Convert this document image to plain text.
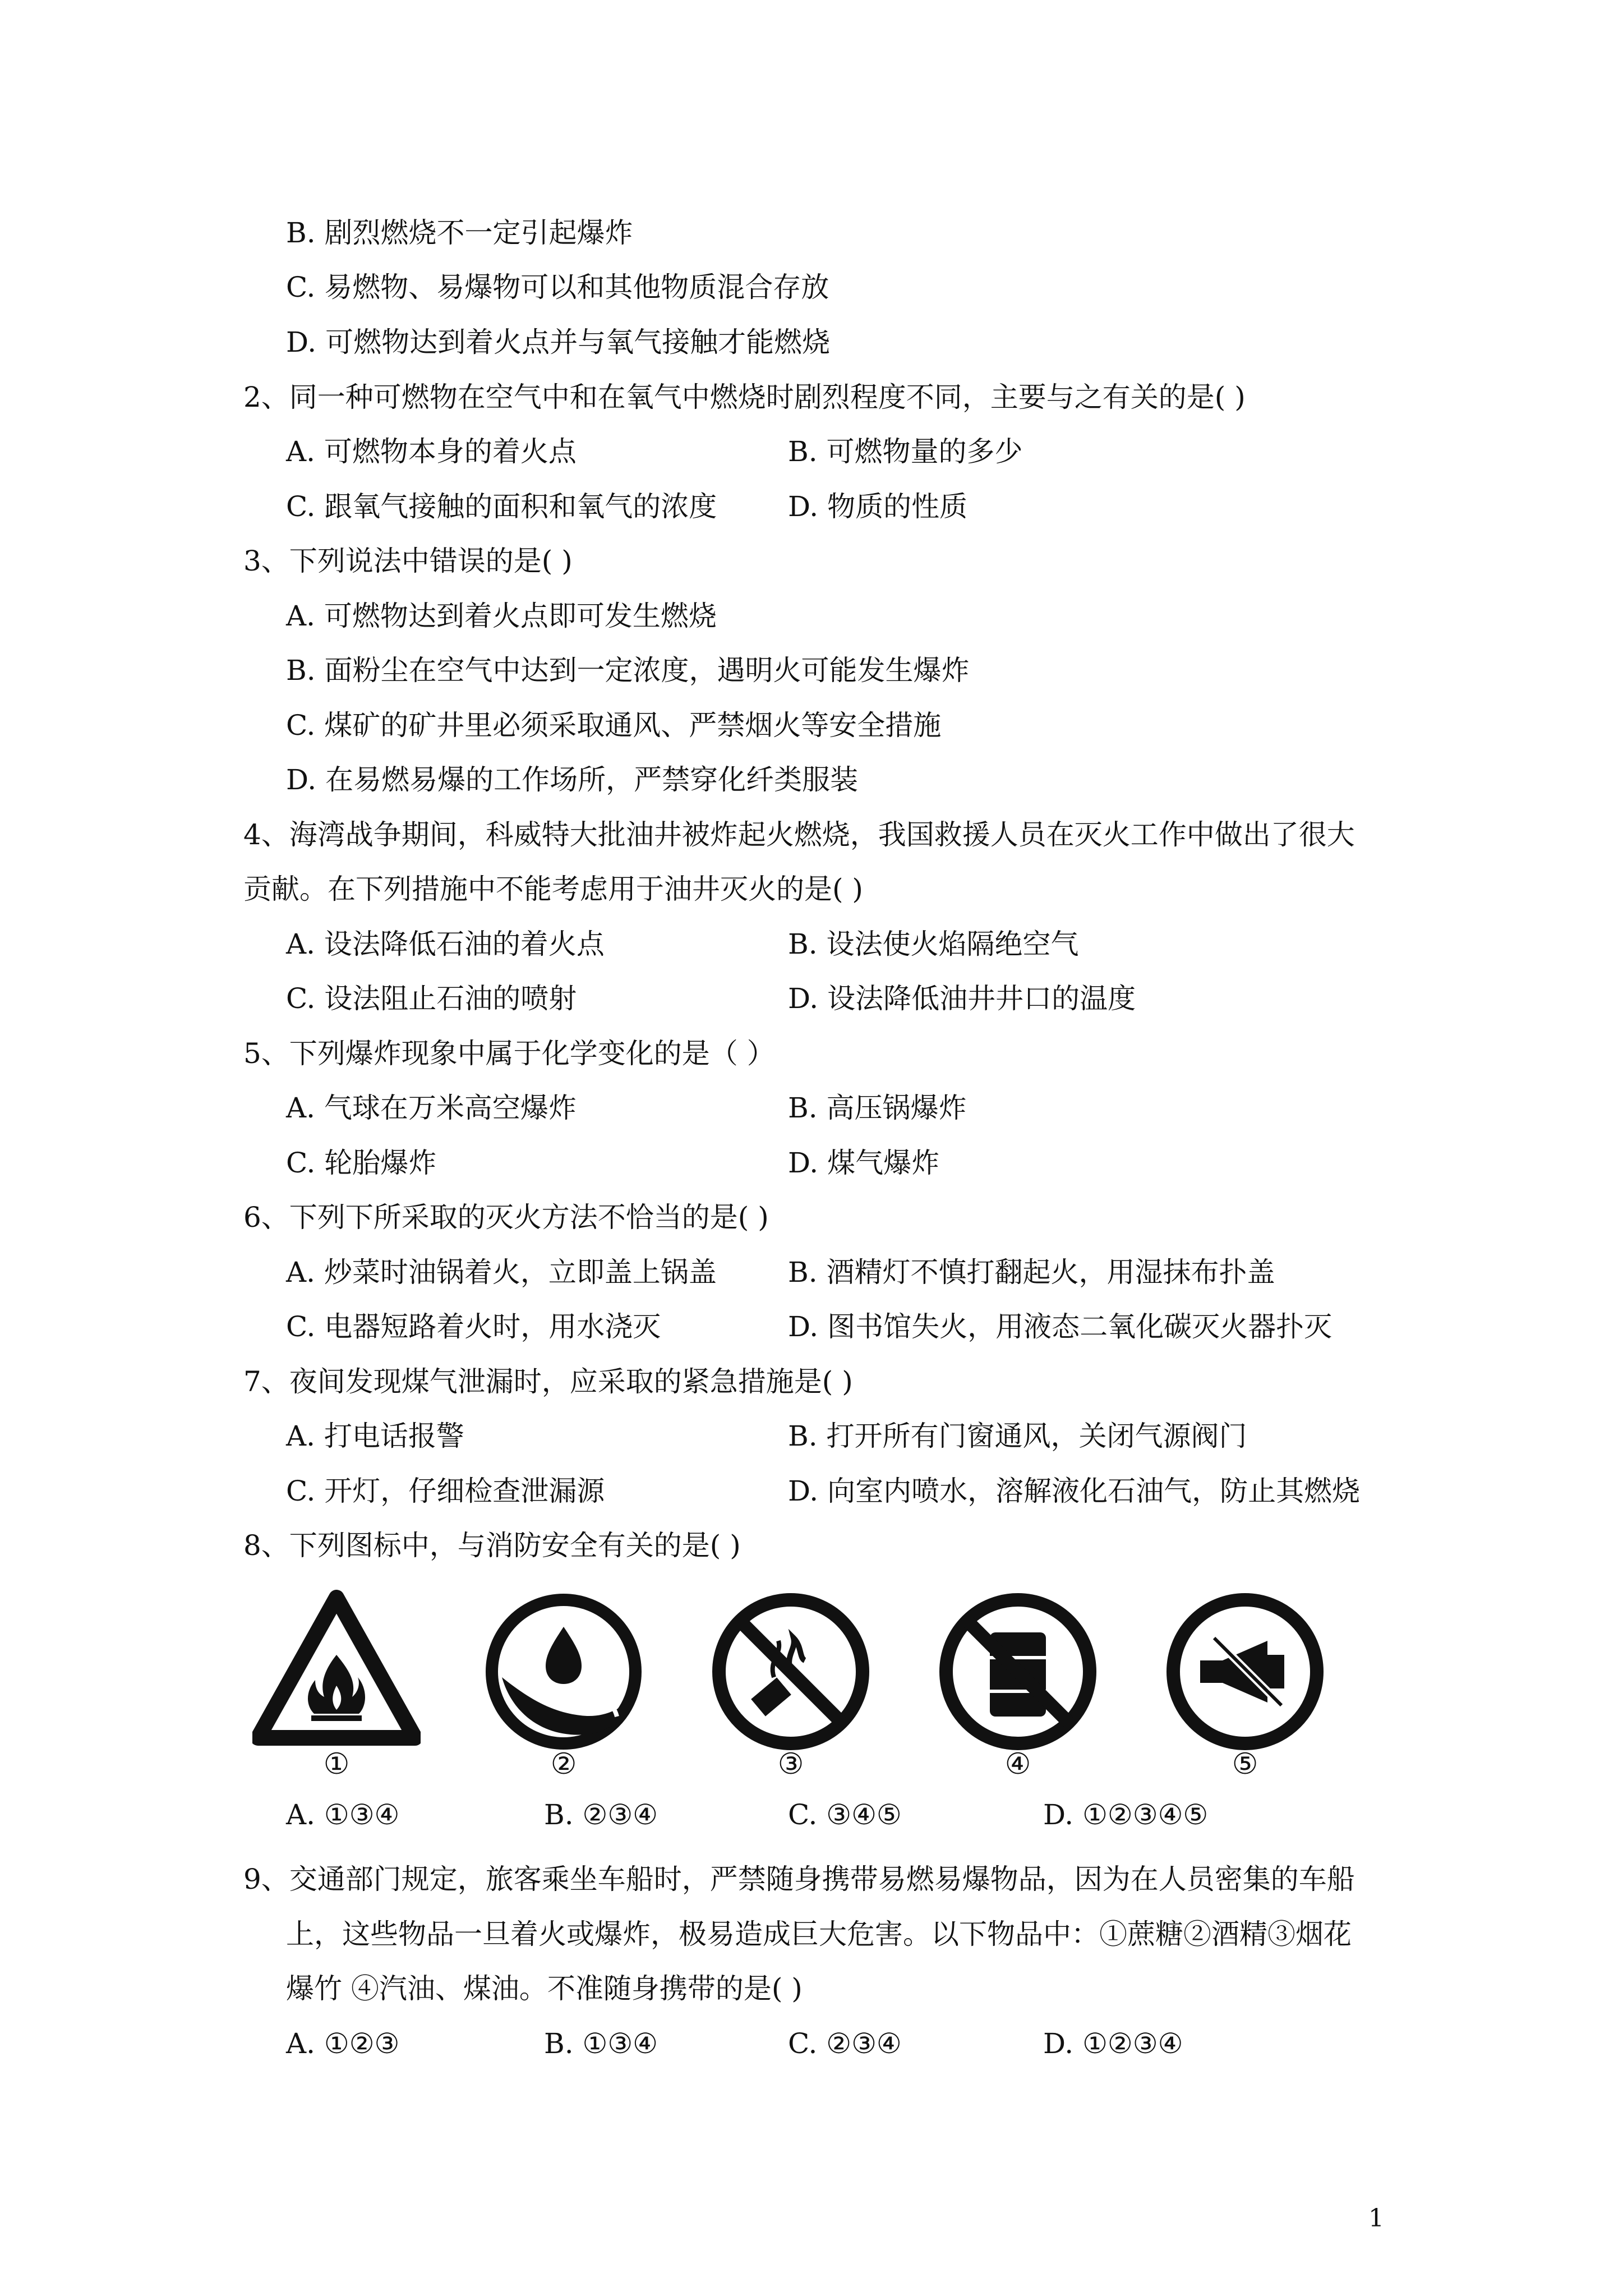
B. 剧烈燃烧不一定引起爆炸
C. 易燃物、易爆物可以和其他物质混合存放
D. 可燃物达到着火点并与氧气接触才能燃烧
2、同一种可燃物在空气中和在氧气中燃烧时剧烈程度不同，主要与之有关的是( )
A. 可燃物本身的着火点	B. 可燃物量的多少
C. 跟氧气接触的面积和氧气的浓度	D. 物质的性质
3、下列说法中错误的是( )
A. 可燃物达到着火点即可发生燃烧
B. 面粉尘在空气中达到一定浓度，遇明火可能发生爆炸
C. 煤矿的矿井里必须采取通风、严禁烟火等安全措施
D. 在易燃易爆的工作场所，严禁穿化纤类服装
4、海湾战争期间，科威特大批油井被炸起火燃烧，我国救援人员在灭火工作中做出了很大
贡献。在下列措施中不能考虑用于油井灭火的是( )
A. 设法降低石油的着火点	B. 设法使火焰隔绝空气
C. 设法阻止石油的喷射	D. 设法降低油井井口的温度
5、下列爆炸现象中属于化学变化的是（ ）
A. 气球在万米高空爆炸	B. 高压锅爆炸
C. 轮胎爆炸	D. 煤气爆炸
6、下列下所采取的灭火方法不恰当的是( )
A. 炒菜时油锅着火，立即盖上锅盖	B. 酒精灯不慎打翻起火，用湿抹布扑盖
C. 电器短路着火时，用水浇灭	D. 图书馆失火，用液态二氧化碳灭火器扑灭
7、夜间发现煤气泄漏时，应采取的紧急措施是( )
A. 打电话报警	B. 打开所有门窗通风，关闭气源阀门
C. 开灯，仔细检查泄漏源	D. 向室内喷水，溶解液化石油气，防止其燃烧
8、下列图标中，与消防安全有关的是( )
①	②	③	④	⑤
A. ①③④	B. ②③④	C. ③④⑤	D. ①②③④⑤
9、交通部门规定，旅客乘坐车船时，严禁随身携带易燃易爆物品，因为在人员密集的车船
上，这些物品一旦着火或爆炸，极易造成巨大危害。以下物品中：①蔗糖②酒精③烟花
爆竹 ④汽油、煤油。不准随身携带的是( )
A. ①②③	B. ①③④	C. ②③④	D. ①②③④
1
